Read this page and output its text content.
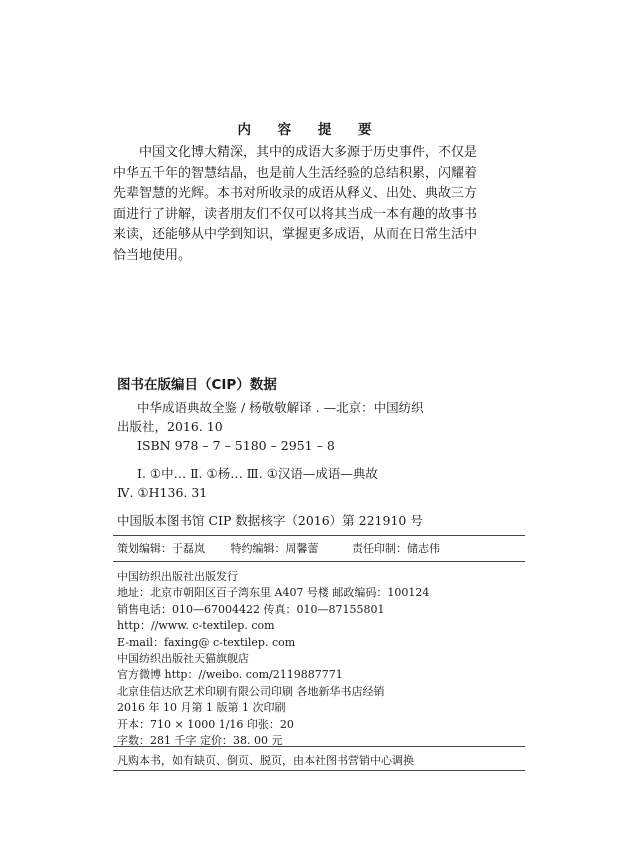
内 容 提 要

中国文化博大精深，其中的成语大多源于历史事件，不仅是

中华五千年的智慧结晶，也是前人生活经验的总结积累，闪耀着

先辈智慧的光辉。本书对所收录的成语从释义、出处、典故三方

面进行了讲解，读者朋友们不仅可以将其当成一本有趣的故事书

来读，还能够从中学到知识，掌握更多成语，从而在日常生活中

恰当地使用。

图书在版编目（CIP）数据
中华成语典故全鉴 / 杨敬敬解译 . —北京：中国纺织
出版社，2016. 10
ISBN 978 – 7 – 5180 – 2951 – 8
Ⅰ. ①中… Ⅱ. ①杨… Ⅲ. ①汉语—成语—典故
Ⅳ. ①H136. 31
中国版本图书馆 CIP 数据核字（2016）第 221910 号
策划编辑：于磊岚 特约编辑：周馨蕾	责任印制：储志伟
中国纺织出版社出版发行
地址：北京市朝阳区百子湾东里 A407 号楼 邮政编码：100124
销售电话：010—67004422 传真：010—87155801
http：//www. c-textilep. com
E-mail：faxing@ c-textilep. com
中国纺织出版社天猫旗舰店
官方微博 http：//weibo. com/2119887771
北京佳信达欣艺术印刷有限公司印刷 各地新华书店经销
2016 年 10 月第 1 版第 1 次印刷
开本：710 × 1000 1/16 印张：20
字数：281 千字 定价：38. 00 元
凡购本书，如有缺页、倒页、脱页，由本社图书营销中心调换
